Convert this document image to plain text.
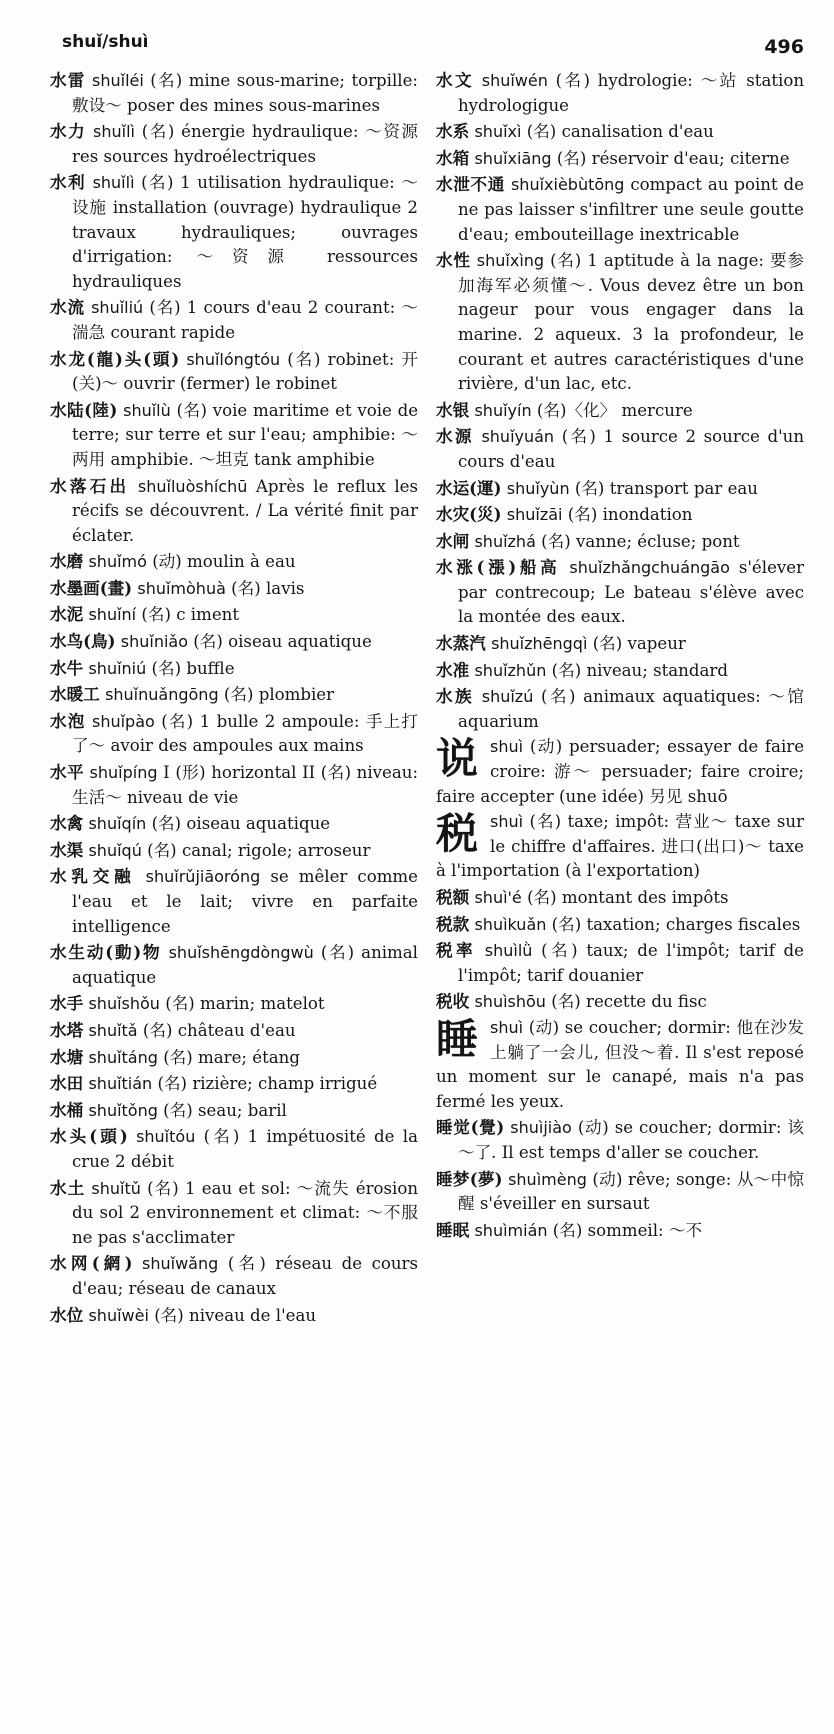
shuǐ/shuì	496
水雷 shuǐléi (名) mine sous-marine; torpille: 敷设～ poser des mines sous-marines
水力 shuǐlì (名) énergie hydraulique: ～资源 res sources hydroélectriques
水利 shuǐlì (名) 1 utilisation hydraulique: ～设施 installation (ouvrage) hydraulique 2 travaux hydrauliques; ouvrages d'irrigation: ～资源 ressources hydrauliques
水流 shuǐliú (名) 1 cours d'eau 2 courant: ～湍急 courant rapide
水龙(龍)头(頭) shuǐlóngtóu (名) robinet: 开(关)～ ouvrir (fermer) le robinet
水陆(陸) shuǐlù (名) voie maritime et voie de terre; sur terre et sur l'eau; amphibie: ～两用 amphibie. ～坦克 tank amphibie
水落石出 shuǐluòshíchū Après le reflux les récifs se découvrent. / La vérité finit par éclater.
水磨 shuǐmó (动) moulin à eau
水墨画(畫) shuǐmòhuà (名) lavis
水泥 shuǐní (名) c iment
水鸟(鳥) shuǐniǎo (名) oiseau aquatique
水牛 shuǐniú (名) buffle
水暖工 shuǐnuǎngōng (名) plombier
水泡 shuǐpào (名) 1 bulle 2 ampoule: 手上打了～ avoir des ampoules aux mains
水平 shuǐpíng I (形) horizontal II (名) niveau: 生活～ niveau de vie
水禽 shuǐqín (名) oiseau aquatique
水渠 shuǐqú (名) canal; rigole; arroseur
水乳交融 shuǐrǔjiāoróng se mêler comme l'eau et le lait; vivre en parfaite intelligence
水生动(動)物 shuǐshēngdòngwù (名) animal aquatique
水手 shuǐshǒu (名) marin; matelot
水塔 shuǐtǎ (名) château d'eau
水塘 shuǐtáng (名) mare; étang
水田 shuǐtián (名) rizière; champ irrigué
水桶 shuǐtǒng (名) seau; baril
水头(頭) shuǐtóu (名) 1 impétuosité de la crue 2 débit
水土 shuǐtǔ (名) 1 eau et sol: ～流失 érosion du sol 2 environnement et climat: ～不服 ne pas s'acclimater
水网(網) shuǐwǎng (名) réseau de cours d'eau; réseau de canaux
水位 shuǐwèi (名) niveau de l'eau
水文 shuǐwén (名) hydrologie: ～站 station hydrologigue
水系 shuǐxì (名) canalisation d'eau
水箱 shuǐxiāng (名) réservoir d'eau; citerne
水泄不通 shuǐxièbùtōng compact au point de ne pas laisser s'infiltrer une seule goutte d'eau; embouteillage inextricable
水性 shuǐxìng (名) 1 aptitude à la nage: 要参加海军必须懂～. Vous devez être un bon nageur pour vous engager dans la marine. 2 aqueux. 3 la profondeur, le courant et autres caractéristiques d'une rivière, d'un lac, etc.
水银 shuǐyín (名)〈化〉 mercure
水源 shuǐyuán (名) 1 source 2 source d'un cours d'eau
水运(運) shuǐyùn (名) transport par eau
水灾(災) shuǐzāi (名) inondation
水闸 shuǐzhá (名) vanne; écluse; pont
水涨(漲)船高 shuǐzhǎngchuángāo s'élever par contrecoup; Le bateau s'élève avec la montée des eaux.
水蒸汽 shuǐzhēngqì (名) vapeur
水准 shuǐzhǔn (名) niveau; standard
水族 shuǐzú (名) animaux aquatiques: ～馆 aquarium
说shuì (动) persuader; essayer de faire croire: 游～ persuader; faire croire; faire accepter (une idée) 另见 shuō
税shuì (名) taxe; impôt: 营业～ taxe sur le chiffre d'affaires. 进口(出口)～ taxe à l'importation (à l'exportation)
税额 shuì'é (名) montant des impôts
税款 shuìkuǎn (名) taxation; charges fiscales
税率 shuìlǜ (名) taux; de l'impôt; tarif de l'impôt; tarif douanier
税收 shuìshōu (名) recette du fisc
睡shuì (动) se coucher; dormir: 他在沙发上躺了一会儿, 但没～着. Il s'est reposé un moment sur le canapé, mais n'a pas fermé les yeux.
睡觉(覺) shuìjiào (动) se coucher; dormir: 该～了. Il est temps d'aller se coucher.
睡梦(夢) shuìmèng (动) rêve; songe: 从～中惊醒 s'éveiller en sursaut
睡眠 shuìmián (名) sommeil: ～不
